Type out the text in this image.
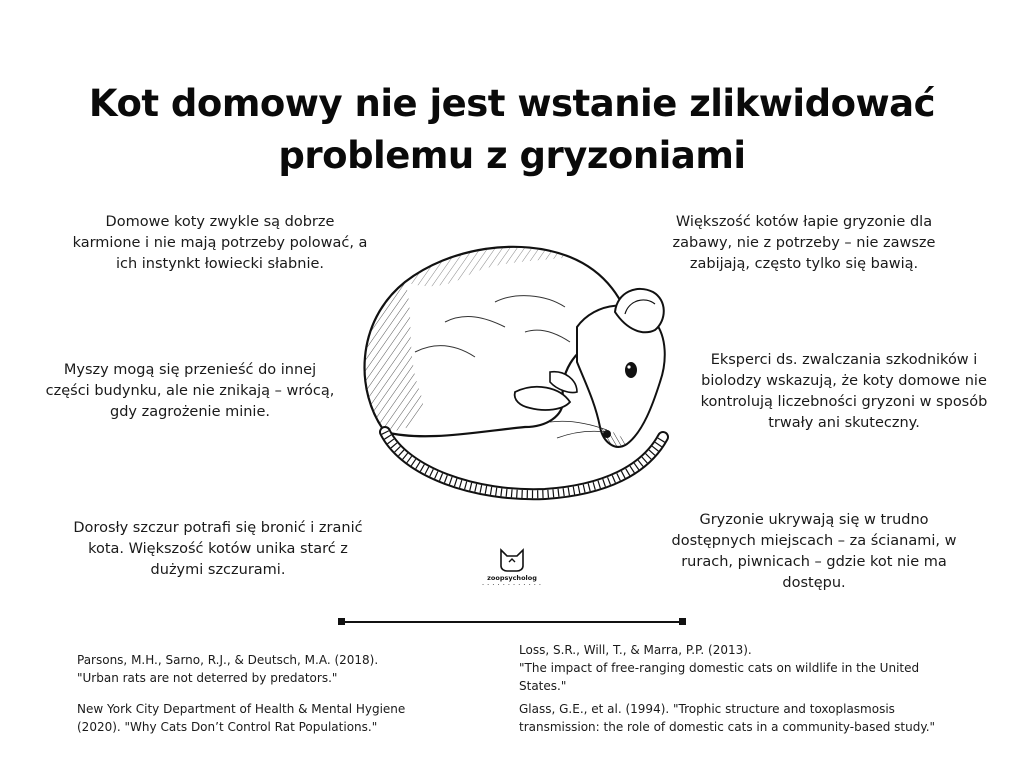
Kot domowy nie jest wstanie zlikwidować
problemu z gryzoniami
Domowe koty zwykle są dobrze karmione i nie mają potrzeby polować, a ich instynkt łowiecki słabnie.
Myszy mogą się przenieść do innej części budynku, ale nie znikają – wrócą, gdy zagrożenie minie.
Dorosły szczur potrafi się bronić i zranić kota. Większość kotów unika starć z dużymi szczurami.
Większość kotów łapie gryzonie dla zabawy, nie z potrzeby – nie zawsze zabijają, często tylko się bawią.
Eksperci ds. zwalczania szkodników i biolodzy wskazują, że koty domowe nie kontrolują liczebności gryzoni w sposób trwały ani skuteczny.
Gryzonie ukrywają się w trudno dostępnych miejscach – za ścianami, w rurach, piwnicach – gdzie kot nie ma dostępu.
zoopsycholog
• • • • • • • • • • • •
Parsons, M.H., Sarno, R.J., & Deutsch, M.A. (2018).
"Urban rats are not deterred by predators."
New York City Department of Health & Mental Hygiene
(2020). "Why Cats Don’t Control Rat Populations."
Loss, S.R., Will, T., & Marra, P.P. (2013).
"The impact of free-ranging domestic cats on wildlife in the United
States."
Glass, G.E., et al. (1994). "Trophic structure and toxoplasmosis
transmission: the role of domestic cats in a community-based study."
